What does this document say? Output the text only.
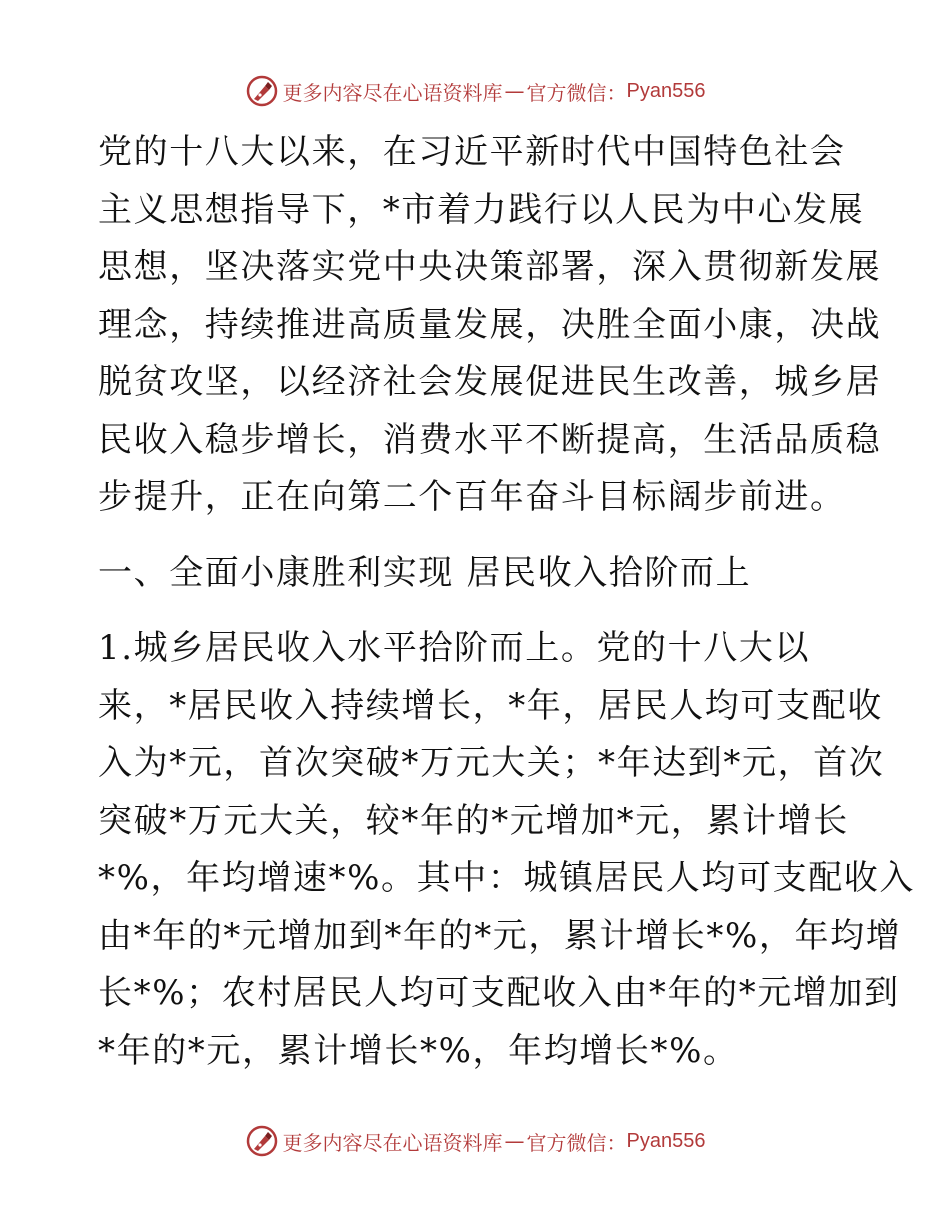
更多内容尽在心语资料库 — 官方微信： Pyan556

党的十八大以来，在习近平新时代中国特色社会

主义思想指导下，*市着力践行以人民为中心发展

思想，坚决落实党中央决策部署，深入贯彻新发展

理念，持续推进高质量发展，决胜全面小康，决战

脱贫攻坚，以经济社会发展促进民生改善，城乡居

民收入稳步增长，消费水平不断提高，生活品质稳

步提升，正在向第二个百年奋斗目标阔步前进。

一、全面小康胜利实现 居民收入拾阶而上

1.城乡居民收入水平拾阶而上。党的十八大以

来，*居民收入持续增长，*年，居民人均可支配收

入为*元，首次突破*万元大关；*年达到*元，首次

突破*万元大关，较*年的*元增加*元，累计增长

*%，年均增速*%。其中：城镇居民人均可支配收入

由*年的*元增加到*年的*元，累计增长*%，年均增

长*%；农村居民人均可支配收入由*年的*元增加到

*年的*元，累计增长*%，年均增长*%。

更多内容尽在心语资料库 — 官方微信： Pyan556
